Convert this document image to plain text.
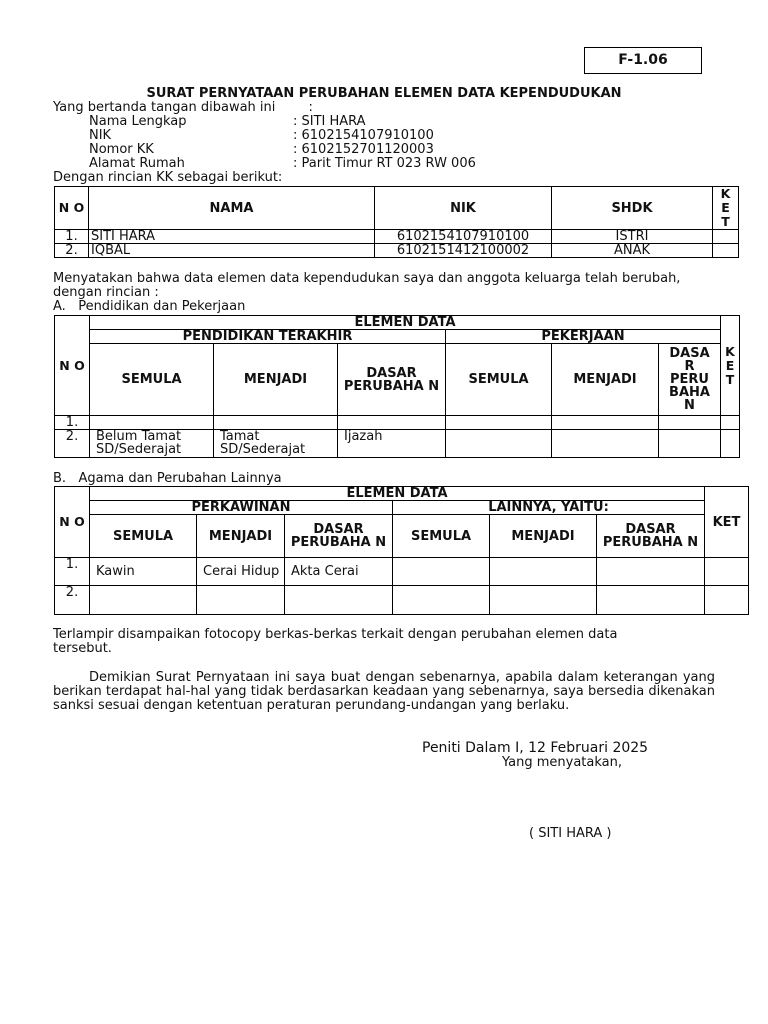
F-1.06
SURAT PERNYATAAN PERUBAHAN ELEMEN DATA KEPENDUDUKAN
Yang bertanda tangan dibawah ini        :
Nama Lengkap	: SITI HARA
NIK	: 6102154107910100
Nomor KK	: 6102152701120003
Alamat Rumah	: Parit Timur RT 023 RW 006
Dengan rincian KK sebagai berikut:
N O	NAMA	NIK	SHDK	K E T
1.	SITI HARA	6102154107910100	ISTRI	
2.	IQBAL	6102151412100002	ANAK	
Menyatakan bahwa data elemen data kependudukan saya dan anggota keluarga telah berubah, dengan rincian :
A.   Pendidikan dan Pekerjaan
N O	ELEMEN DATA						K E T
	PENDIDIKAN TERAKHIR			PEKERJAAN			
	SEMULA	MENJADI	DASAR PERUBAHA N	SEMULA	MENJADI	DASA R PERU BAHA N	
1.							
2.	Belum Tamat SD/Sederajat	Tamat SD/Sederajat	Ijazah				
B.   Agama dan Perubahan Lainnya
N O	ELEMEN DATA						KET
	PERKAWINAN			LAINNYA, YAITU:			
	SEMULA	MENJADI	DASAR PERUBAHA N	SEMULA	MENJADI	DASAR PERUBAHA N	
1.	Kawin	Cerai Hidup	Akta Cerai				
2.							
Terlampir disampaikan fotocopy berkas-berkas terkait dengan perubahan elemen data tersebut.
Demikian Surat Pernyataan ini saya buat dengan sebenarnya, apabila dalam keterangan yang berikan terdapat hal-hal yang tidak berdasarkan keadaan yang sebenarnya, saya bersedia dikenakan sanksi sesuai dengan ketentuan peraturan perundang-undangan yang berlaku.
Peniti Dalam I, 12 Februari 2025
Yang menyatakan,
( SITI HARA )
